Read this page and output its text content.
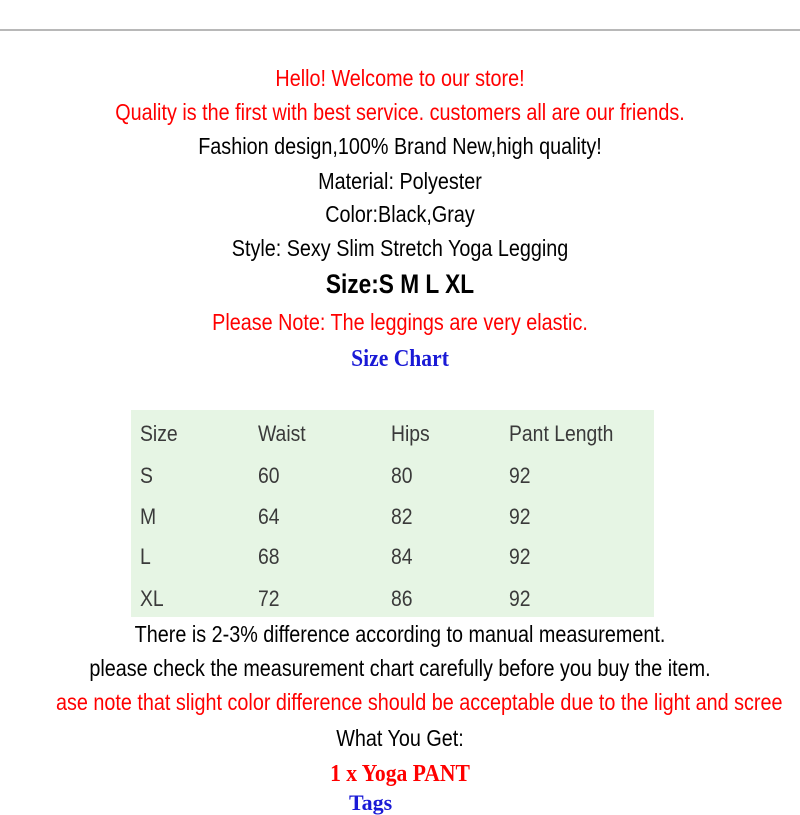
Hello! Welcome to our store!
Quality is the first with best service. customers all are our friends.
Fashion design,100% Brand New,high quality!
Material: Polyester
Color:Black,Gray
Style: Sexy Slim Stretch Yoga Legging
Size:S M L XL
Please Note: The leggings are very elastic.
Size Chart
Size	Waist	Hips	Pant Length
S	60	80	92
M	64	82	92
L	68	84	92
XL	72	86	92
There is 2-3% difference according to manual measurement.
please check the measurement chart carefully before you buy the item.
ase note that slight color difference should be acceptable due to the light and scree
What You Get:
1 x Yoga PANT
Tags
